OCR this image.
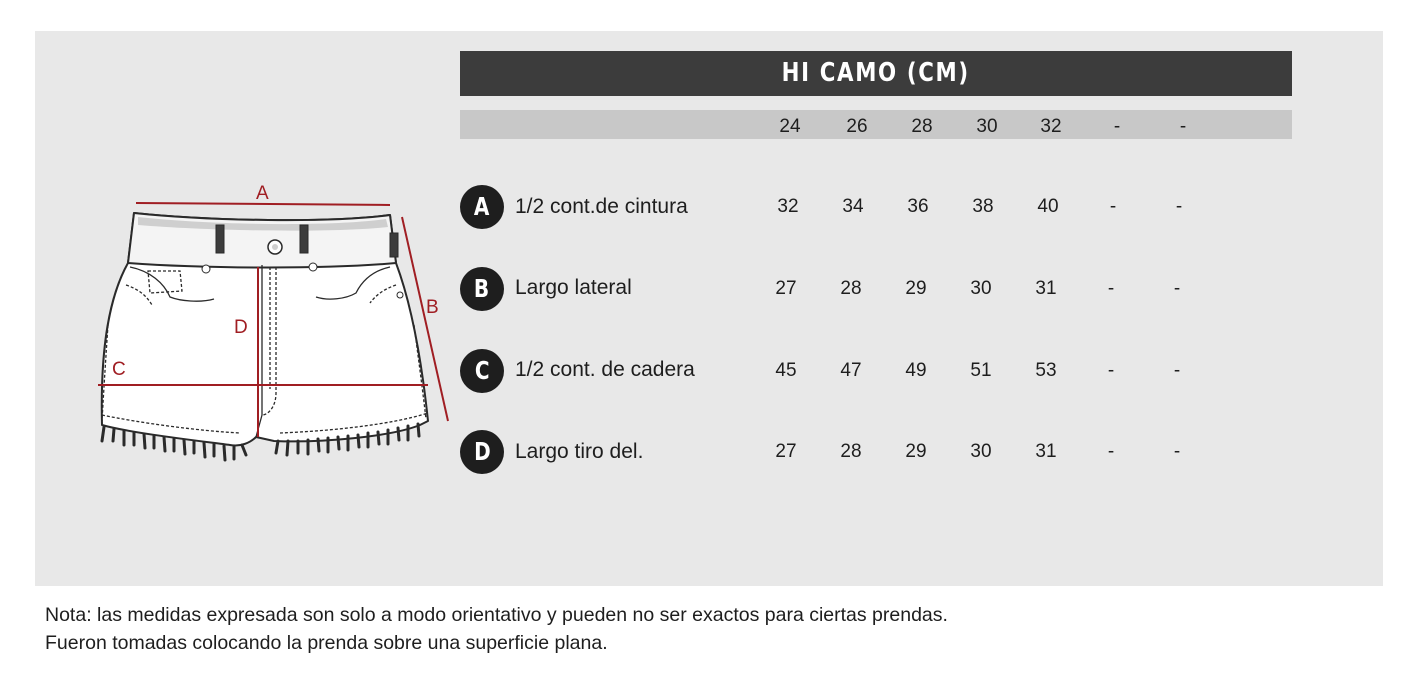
A
B
C
D
HI CAMO (CM)
24	26	28	30	32	-	-
A	1/2 cont.de cintura	32	34	36	38	40	-	-
B	Largo lateral	27	28	29	30	31	-	-
C	1/2 cont. de cadera	45	47	49	51	53	-	-
D	Largo tiro del.	27	28	29	30	31	-	-
Nota: las medidas expresada son solo a modo orientativo y pueden no ser exactos para ciertas prendas.
Fueron tomadas colocando la prenda sobre una superficie plana.
